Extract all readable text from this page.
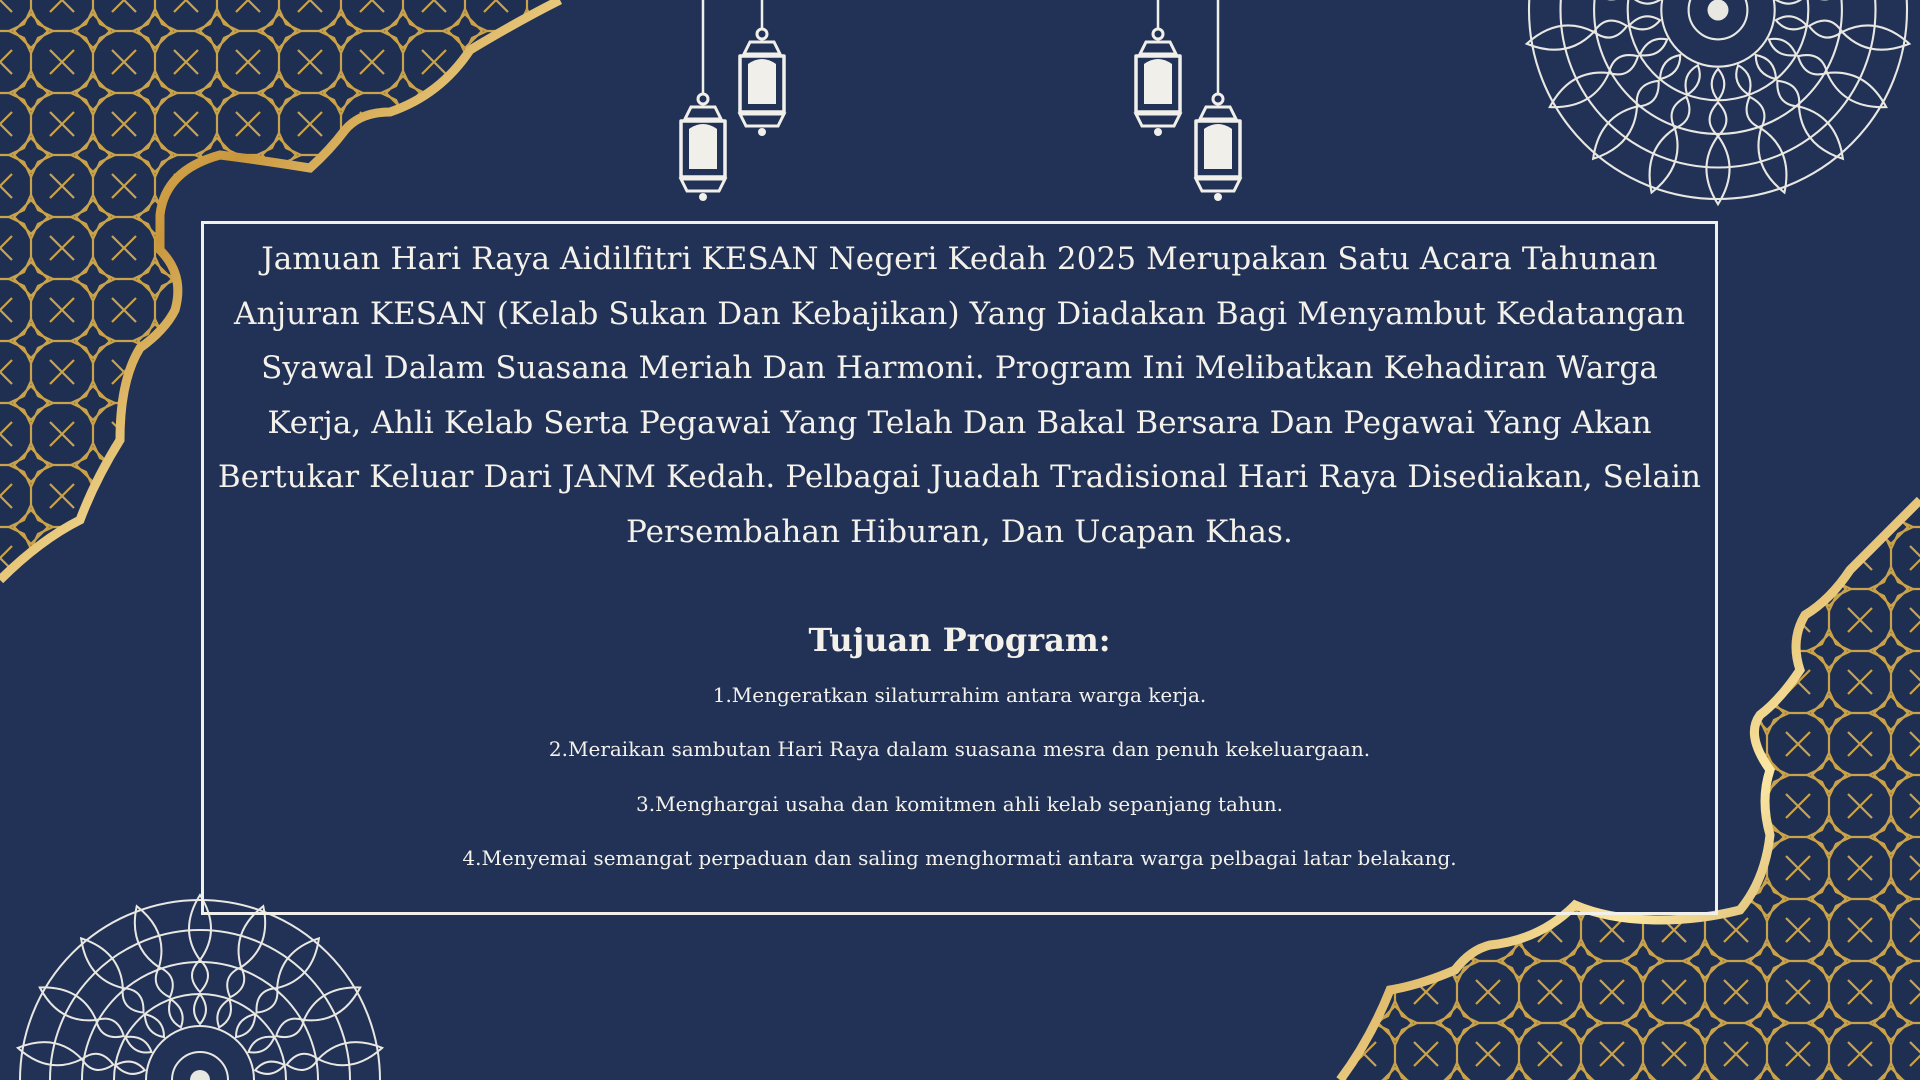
Jamuan Hari Raya Aidilfitri KESAN Negeri Kedah 2025 Merupakan Satu Acara Tahunan Anjuran KESAN (Kelab Sukan Dan Kebajikan) Yang Diadakan Bagi Menyambut Kedatangan Syawal Dalam Suasana Meriah Dan Harmoni. Program Ini Melibatkan Kehadiran Warga Kerja, Ahli Kelab Serta Pegawai Yang Telah Dan Bakal Bersara Dan Pegawai Yang Akan Bertukar Keluar Dari JANM Kedah. Pelbagai Juadah Tradisional Hari Raya Disediakan, Selain Persembahan Hiburan, Dan Ucapan Khas.

Tujuan Program:
1.Mengeratkan silaturrahim antara warga kerja.
2.Meraikan sambutan Hari Raya dalam suasana mesra dan penuh kekeluargaan.
3.Menghargai usaha dan komitmen ahli kelab sepanjang tahun.
4.Menyemai semangat perpaduan dan saling menghormati antara warga pelbagai latar belakang.
